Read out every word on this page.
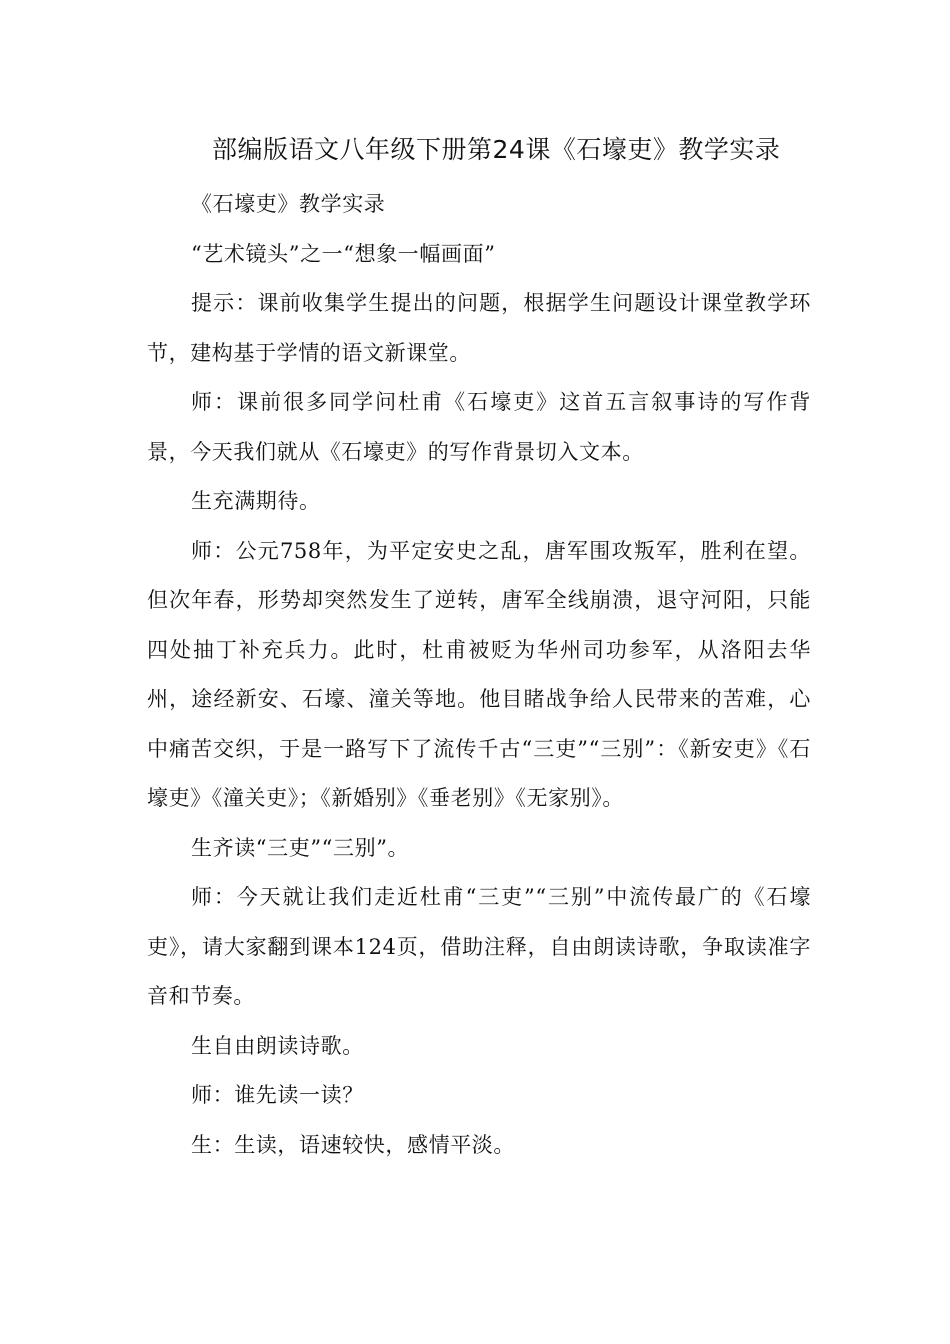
部编版语文八年级下册第24课《石壕吏》教学实录

《石壕吏》教学实录

“艺术镜头”之一“想象一幅画面”

提示：课前收集学生提出的问题，根据学生问题设计课堂教学环节，建构基于学情的语文新课堂。

师：课前很多同学问杜甫《石壕吏》这首五言叙事诗的写作背景，今天我们就从《石壕吏》的写作背景切入文本。

生充满期待。

师：公元758年，为平定安史之乱，唐军围攻叛军，胜利在望。但次年春，形势却突然发生了逆转，唐军全线崩溃，退守河阳，只能四处抽丁补充兵力。此时，杜甫被贬为华州司功参军，从洛阳去华州，途经新安、石壕、潼关等地。他目睹战争给人民带来的苦难，心中痛苦交织，于是一路写下了流传千古“三吏”“三别”：《新安吏》《石壕吏》《潼关吏》；《新婚别》《垂老别》《无家别》。

生齐读“三吏”“三别”。

师：今天就让我们走近杜甫“三吏”“三别”中流传最广的《石壕吏》，请大家翻到课本124页，借助注释，自由朗读诗歌，争取读准字音和节奏。

生自由朗读诗歌。

师：谁先读一读？

生：生读，语速较快，感情平淡。
